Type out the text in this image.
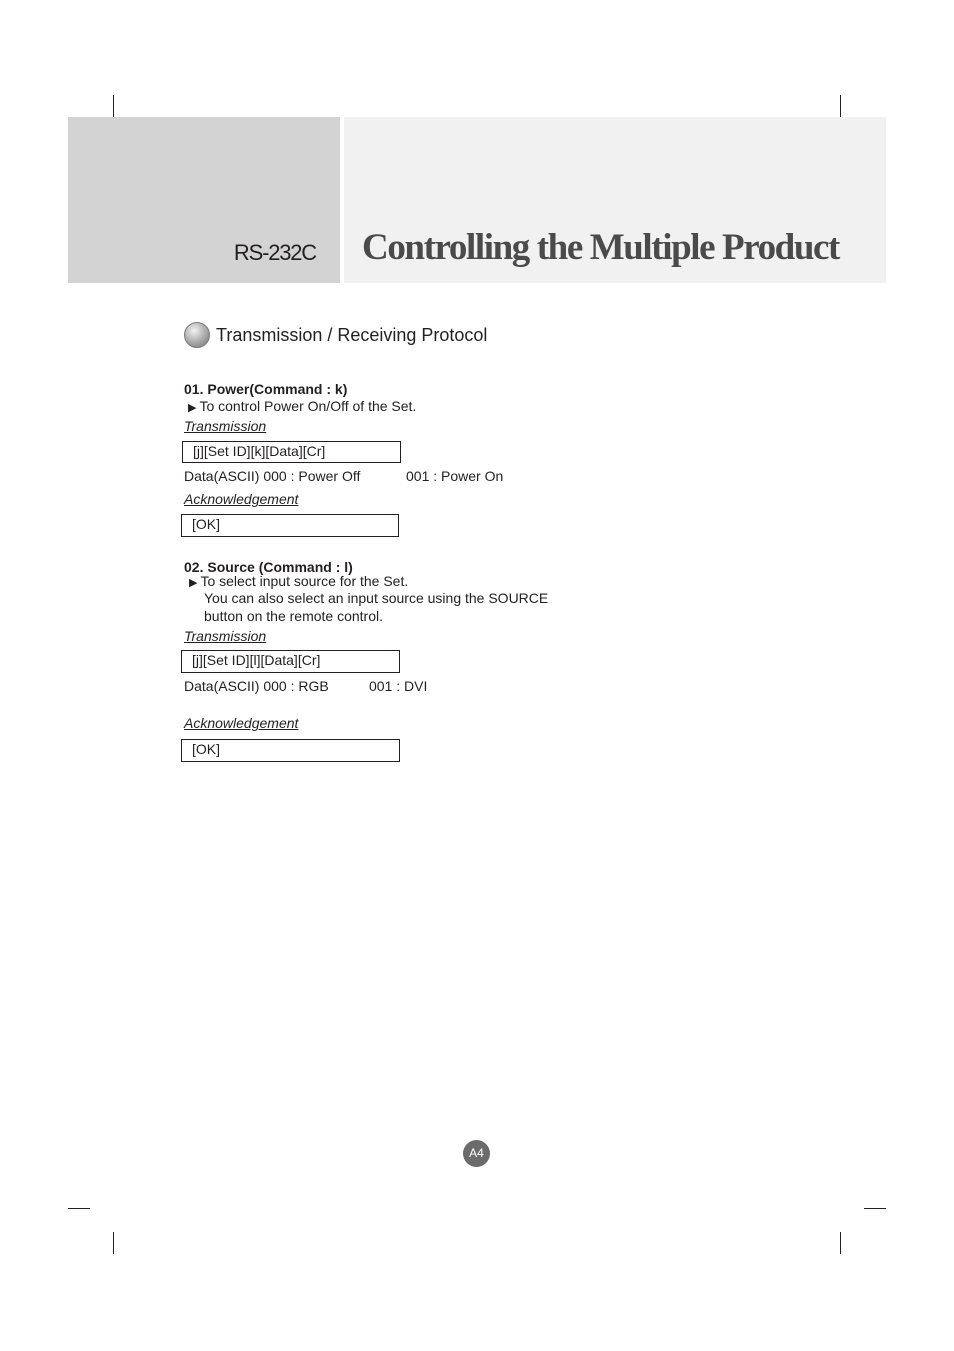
RS-232C Controlling the Multiple Product
Transmission / Receiving Protocol
01. Power(Command : k)
▶ To control Power On/Off of the Set.
Transmission
[j][Set ID][k][Data][Cr]
Data(ASCII) 000 : Power Off	001 : Power On
Acknowledgement
[OK]
02. Source (Command : l)
▶ To select input source for the Set.
You can also select an input source using the SOURCE
button on the remote control.
Transmission
[j][Set ID][l][Data][Cr]
Data(ASCII) 000 : RGB	001 : DVI
Acknowledgement
[OK]
A4
